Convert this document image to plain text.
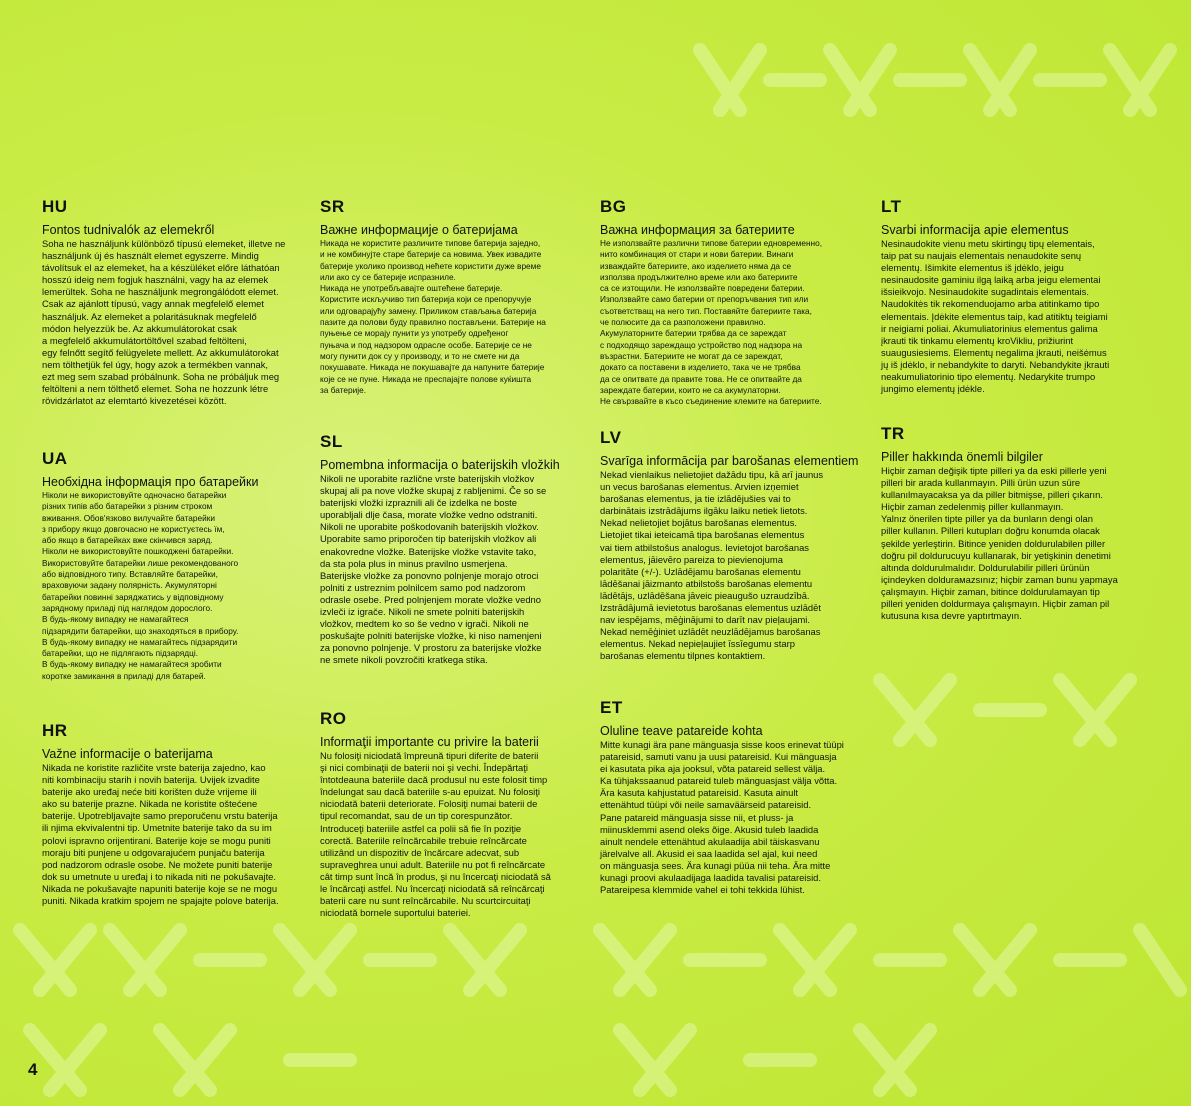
HU
Fontos tudnivalók az elemekről
Soha ne használjunk különböző típusú elemeket, illetve ne
használjunk új és használt elemet egyszerre. Mindig
távolítsuk el az elemeket, ha a készüléket előre láthatóan
hosszú ideig nem fogjuk használni, vagy ha az elemek
lemerültek. Soha ne használjunk megrongálódott elemet.
Csak az ajánlott típusú, vagy annak megfelelő elemet
használjuk. Az elemeket a polaritásuknak megfelelő
módon helyezzük be. Az akkumulátorokat csak
a megfelelő akkumulátortöltővel szabad feltölteni,
egy felnőtt segítő felügyelete mellett. Az akkumulátorokat
nem tölthetjük fel úgy, hogy azok a termékben vannak,
ezt meg sem szabad próbálnunk. Soha ne próbáljuk meg
feltölteni a nem tölthető elemet. Soha ne hozzunk létre
rövidzárlatot az elemtartó kivezetései között.
SR
Важне информације о батеријама
Никада не користите различите типове батерија заједно,
и не комбинујте старе батерије са новима. Увек извадите
батерије уколико производ нећете користити дуже време
или ако су се батерије испразниле.
Никада не употребљавајте оштећене батерије.
Користите искључиво тип батерија који се препоручује
или одговарајућу замену. Приликом стављања батерија
пазите да полови буду правилно постављени. Батерије на
пуњење се морају пунити уз употребу одређеног
пуњача и под надзором одрасле особе. Батерије се не
могу пунити док су у производу, и то не смете ни да
покушавате. Никада не покушавајте да напуните батерије
које се не пуне. Никада не преспајајте полове куќишта
за батерије.
BG
Важна информация за батериите
Не използвайте различни типове батерии едновременно,
нито комбинация от стари и нови батерии. Винаги
изваждайте батериите, ако изделието няма да се
използва продължително време или ако батериите
са се изтощили. Не използвайте повредени батерии.
Използвайте само батерии от препоръчвания тип или
съответстващ на него тип. Поставяйте батериите така,
че полюсите да са разположени правилно.
Акумулаторните батерии трябва да се зареждат
с подходящо зареждащо устройство под надзора на
възрастни. Батериите не могат да се зареждат,
докато са поставени в изделието, така че не трябва
да се опитвате да правите това. Не се опитвайте да
зареждате батерии, които не са акумулаторни.
Не свързвайте в късо съединение клемите на батериите.
LT
Svarbi informacija apie elementus
Nesinaudokite vienu metu skirtingų tipų elementais,
taip pat su naujais elementais nenaudokite senų
elementų. Išimkite elementus iš įdėklo, jeigu
nesinaudosite gaminiu ilgą laiką arba jeigu elementai
išsieikvojo. Nesinaudokite sugadintais elementais.
Naudokitės tik rekomenduojamo arba atitinkamo tipo
elementais. Įdėkite elementus taip, kad atitiktų teigiami
ir neigiami poliai. Akumuliatorinius elementus galima
įkrauti tik tinkamu elementų kroVikliu, prižiurint
suaugusiesiems. Elementų negalima įkrauti, neišėmus
jų iš įdėklo, ir nebandykite to daryti. Nebandykite įkrauti
neakumuliatorinio tipo elementų. Nedarykite trumpo
jungimo elementų įdėkle.
UA
Необхідна інформація про батарейки
Ніколи не використовуйте одночасно батарейки
різних типів або батарейки з різним строком
вживання. Обов'язково вилучайте батарейки
з прибору якщо довгочасно не користуєтесь їм,
або якщо в батарейках вже скінчився заряд.
Ніколи не використовуйте пошкоджені батарейки.
Використовуйте батарейки лише рекомендованого
або відповідного типу. Вставляйте батарейки,
враховуючи задану полярність. Акумуляторні
батарейки повинні заряджатись у відповідному
зарядному приладі під наглядом дорослого.
В будь-якому випадку не намагайтеся
підзарядити батарейки, що знаходяться в прибору.
В будь-якому випадку не намагайтесь підзарядити
батарейки, що не підлягають підзарядці.
В будь-якому випадку не намагайтеся зробити
коротке замикання в приладі для батарей.
SL
Pomembna informacija o baterijskih vložkih
Nikoli ne uporabite različne vrste baterijskih vložkov
skupaj ali pa nove vložke skupaj z rabljenimi. Če so se
baterijski vložki izpraznili ali če izdelka ne boste
uporabljali dlje časa, morate vložke vedno odstraniti.
Nikoli ne uporabite poškodovanih baterijskih vložkov.
Uporabite samo priporočen tip baterijskih vložkov ali
enakovredne vložke. Baterijske vložke vstavite tako,
da sta pola plus in minus pravilno usmerjena.
Baterijske vložke za ponovno polnjenje morajo otroci
polniti z ustreznim polnilcem samo pod nadzorom
odrasle osebe. Pred polnjenjem morate vložke vedno
izvleči iz igrače. Nikoli ne smete polniti baterijskih
vložkov, medtem ko so še vedno v igrači. Nikoli ne
poskušajte polniti baterijske vložke, ki niso namenjeni
za ponovno polnjenje. V prostoru za baterijske vložke
ne smete nikoli povzročiti kratkega stika.
LV
Svarīga informācija par barošanas elementiem
Nekad vienlaikus nelietojiet dažādu tipu, kā arī jaunus
un vecus barošanas elementus. Arvien izņemiet
barošanas elementus, ja tie izlādējušies vai to
darbinātais izstrādājums ilgāku laiku netiek lietots.
Nekad nelietojiet bojātus barošanas elementus.
Lietojiet tikai ieteicamā tipa barošanas elementus
vai tiem atbilstošus analogus. Ievietojot barošanas
elementus, jāievēro pareiza to pievienojuma
polaritāte (+/-). Uzlādējamu barošanas elementu
lādēšanai jāizmanto atbilstošs barošanas elementu
lādētājs, uzlādēšana jāveic pieaugušo uzraudzībā.
Izstrādājumā ievietotus barošanas elementus uzlādēt
nav iespējams, mēģinājumi to darīt nav pieļaujami.
Nekad nemēģiniet uzlādēt neuzlādējamus barošanas
elementus. Nekad nepieļaujiet īssīegumu starp
barošanas elementu tilpnes kontaktiem.
TR
Piller hakkında önemli bilgiler
Hiçbir zaman değişik tipte pilleri ya da eski pillerle yeni
pilleri bir arada kullanmayın. Pilli ürün uzun süre
kullanılmayacaksa ya da piller bitmişse, pilleri çıkarın.
Hiçbir zaman zedelenmiş piller kullanmayın.
Yalnız önerilen tipte piller ya da bunların dengi olan
piller kullanın. Pilleri kutupları doğru konumda olacak
şekilde yerleştirin. Bitince yeniden doldurulabilen piller
doğru pil doldurucuyu kullanarak, bir yetişkinin denetimi
altında doldurulmalıdır. Doldurulabilir pilleri ürünün
içindeyken doldurамazsınız; hiçbir zaman bunu yapmaya
çalışmayın. Hiçbir zaman, bitince doldurulamayan tip
pilleri yeniden doldurmaya çalışmayın. Hiçbir zaman pil
kutusuna kısa devre yaptırtmayın.
HR
Važne informacije o baterijama
Nikada ne koristite različite vrste baterija zajedno, kao
niti kombinaciju starih i novih baterija. Uvijek izvadite
baterije ako uređaj neće biti korišten duže vrijeme ili
ako su baterije prazne. Nikada ne koristite oštećene
baterije. Upotrebljavajte samo preporučenu vrstu baterija
ili njima ekvivalentni tip. Umetnite baterije tako da su im
polovi ispravno orijentirani. Baterije koje se mogu puniti
moraju biti punjene u odgovarajućem punjaču baterija
pod nadzorom odrasle osobe. Ne možete puniti baterije
dok su umetnute u uređaj i to nikada niti ne pokušavajte.
Nikada ne pokušavajte napuniti baterije koje se ne mogu
puniti. Nikada kratkim spojem ne spajajte polove baterija.
RO
Informaţii importante cu privire la baterii
Nu folosiţi niciodată împreună tipuri diferite de baterii
şi nici combinaţii de baterii noi şi vechi. Îndepărtaţi
întotdeauna bateriile dacă produsul nu este folosit timp
îndelungat sau dacă bateriile s-au epuizat. Nu folosiţi
niciodată baterii deteriorate. Folosiţi numai baterii de
tipul recomandat, sau de un tip corespunzător.
Introduceţi bateriile astfel ca polii să fie în poziţie
corectă. Bateriile reîncărcabile trebuie reîncărcate
utilizând un dispozitiv de încărcare adecvat, sub
supraveghrea unui adult. Bateriile nu pot fi reîncărcate
cât timp sunt încă în produs, şi nu încercaţi niciodată să
le încărcaţi astfel. Nu încercaţi niciodată să reîncărcaţi
baterii care nu sunt reîncărcabile. Nu scurtcircuitaţi
niciodată bornele suportului bateriei.
ET
Oluline teave patareide kohta
Mitte kunagi ära pane mänguasja sisse koos erinevat tüüpi
patareisid, samuti vanu ja uusi patareisid. Kui mänguasja
ei kasutata pika aja jooksul, võta patareid sellest välja.
Ka tühjakssaanud patareid tuleb mänguasjast välja võtta.
Ära kasuta kahjustatud patareisid. Kasuta ainult
ettenähtud tüüpi või neile samaväärseid patareisid.
Pane patareid mänguasja sisse nii, et pluss- ja
miinusklemmi asend oleks õige. Akusid tuleb laadida
ainult nendele ettenähtud akulaadija abil täiskasvanu
järelvalve all. Akusid ei saa laadida sel ajal, kui need
on mänguasja sees. Ära kunagi püüa nii teha. Ära mitte
kunagi proovi akulaadijaga laadida tavalisi patareisid.
Patareipesa klemmide vahel ei tohi tekkida lühist.
4
